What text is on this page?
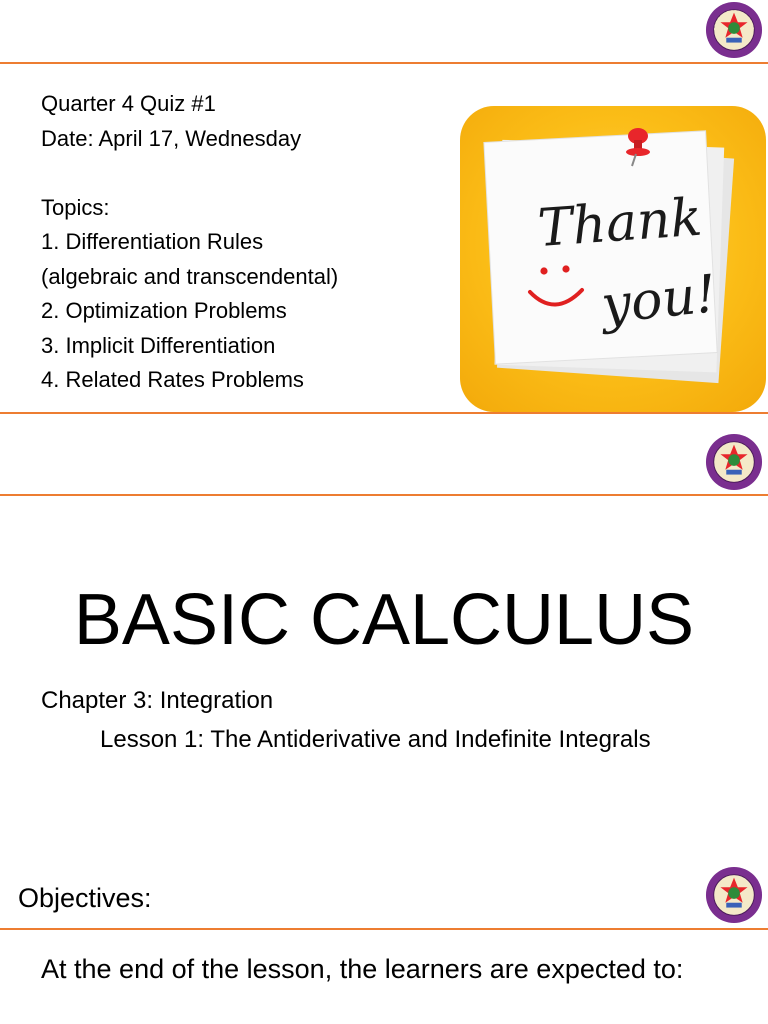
Quarter 4 Quiz #1
Date: April 17, Wednesday
Topics:
1. Differentiation Rules
(algebraic and transcendental)
2. Optimization Problems
3. Implicit Differentiation
4. Related Rates Problems
Thank
you!
BASIC CALCULUS
Chapter 3: Integration
Lesson 1: The Antiderivative and Indefinite Integrals
Objectives:
At the end of the lesson, the learners are expected to:
